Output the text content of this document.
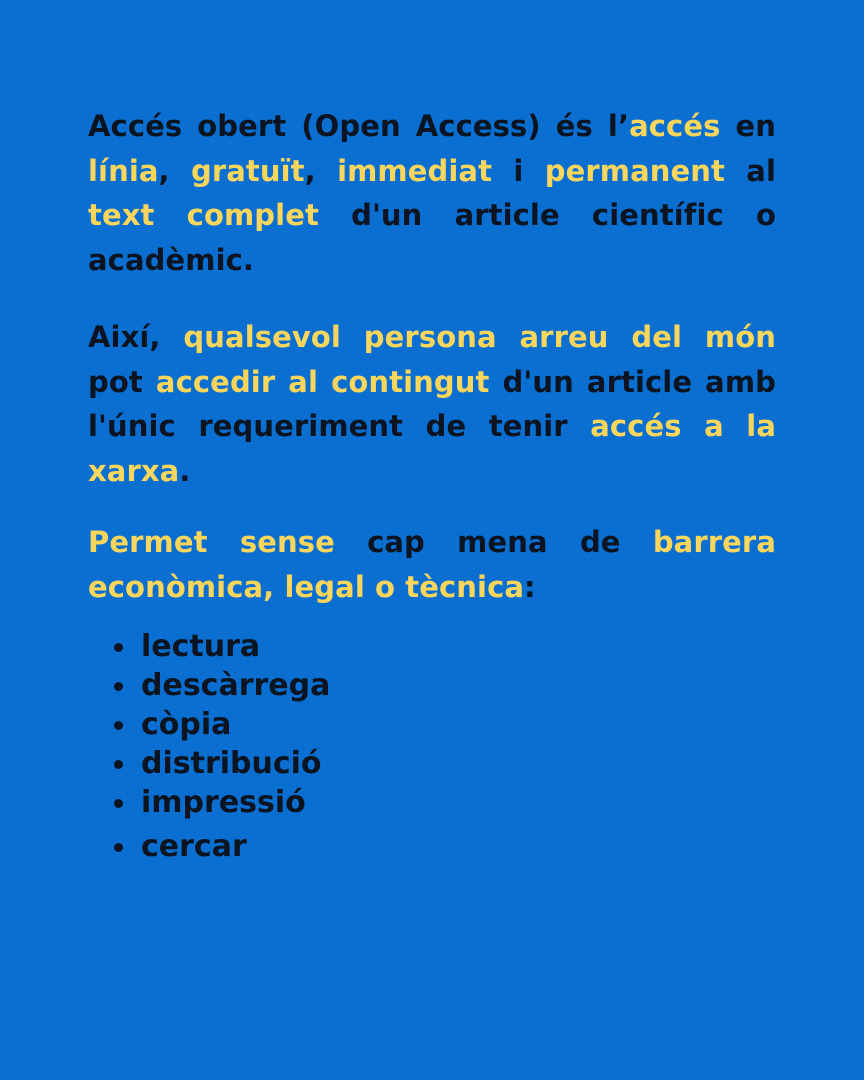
Accés obert (Open Access) és l’accés en línia, gratuït, immediat i permanent al text complet d'un article científic o acadèmic.

Així, qualsevol persona arreu del món pot accedir al contingut d'un article amb l'únic requeriment de tenir accés a la xarxa.

Permet sense cap mena de barrera econòmica, legal o tècnica:

lectura
descàrrega
còpia
distribució
impressió
cercar
